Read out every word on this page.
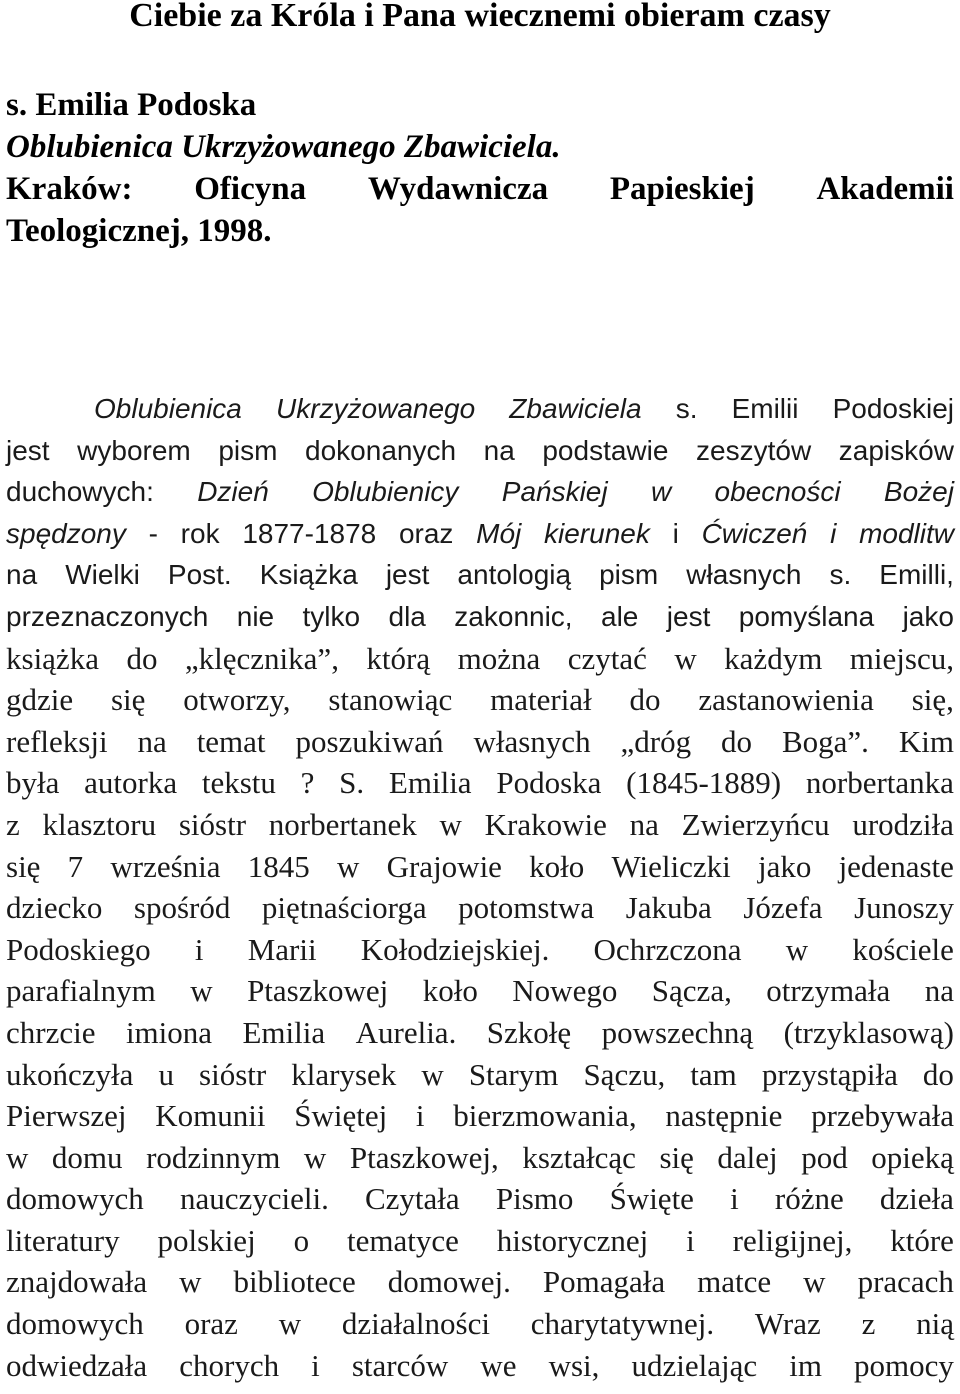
Ciebie za Króla i Pana wiecznemi obieram czasy
s. Emilia Podoska
Oblubienica Ukrzyżowanego Zbawiciela.
Kraków: Oficyna Wydawnicza Papieskiej Akademii
Teologicznej, 1998.
Oblubienica Ukrzyżowanego Zbawiciela s. Emilii Podoskiej
jest wyborem pism dokonanych na podstawie zeszytów zapisków
duchowych: Dzień Oblubienicy Pańskiej w obecności Bożej
spędzony - rok 1877-1878 oraz Mój kierunek i Ćwiczeń i modlitw
na Wielki Post. Książka jest antologią pism własnych s. Emilli,
przeznaczonych nie tylko dla zakonnic, ale jest pomyślana jako
książka do „klęcznika”, którą można czytać w każdym miejscu,
gdzie się otworzy, stanowiąc materiał do zastanowienia się,
refleksji na temat poszukiwań własnych „dróg do Boga”. Kim
była autorka tekstu ? S. Emilia Podoska (1845-1889) norbertanka
z klasztoru sióstr norbertanek w Krakowie na Zwierzyńcu urodziła
się 7 września 1845 w Grajowie koło Wieliczki jako jedenaste
dziecko spośród piętnaściorga potomstwa Jakuba Józefa Junoszy
Podoskiego i Marii Kołodziejskiej. Ochrzczona w kościele
parafialnym w Ptaszkowej koło Nowego Sącza, otrzymała na
chrzcie imiona Emilia Aurelia. Szkołę powszechną (trzyklasową)
ukończyła u sióstr klarysek w Starym Sączu, tam przystąpiła do
Pierwszej Komunii Świętej i bierzmowania, następnie przebywała
w domu rodzinnym w Ptaszkowej, kształcąc się dalej pod opieką
domowych nauczycieli. Czytała Pismo Święte i różne dzieła
literatury polskiej o tematyce historycznej i religijnej, które
znajdowała w bibliotece domowej. Pomagała matce w pracach
domowych oraz w działalności charytatywnej. Wraz z nią
odwiedzała chorych i starców we wsi, udzielając im pomocy
